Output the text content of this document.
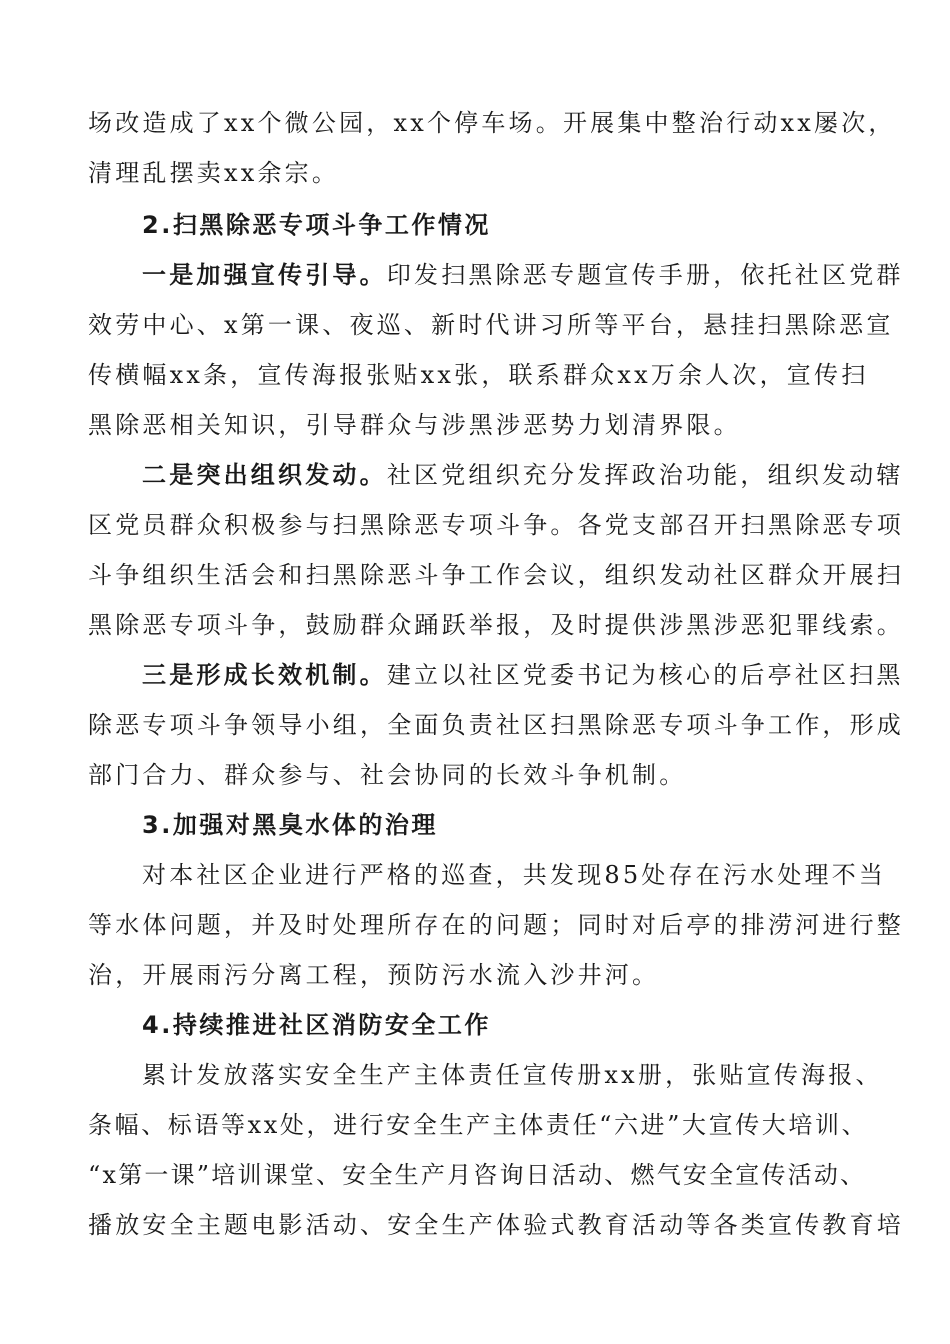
场改造成了xx个微公园，xx个停车场。开展集中整治行动xx屡次，
清理乱摆卖xx余宗。
2.扫黑除恶专项斗争工作情况
一是加强宣传引导。印发扫黑除恶专题宣传手册，依托社区党群
效劳中心、x第一课、夜巡、新时代讲习所等平台，悬挂扫黑除恶宣
传横幅xx条，宣传海报张贴xx张，联系群众xx万余人次，宣传扫
黑除恶相关知识，引导群众与涉黑涉恶势力划清界限。
二是突出组织发动。社区党组织充分发挥政治功能，组织发动辖
区党员群众积极参与扫黑除恶专项斗争。各党支部召开扫黑除恶专项
斗争组织生活会和扫黑除恶斗争工作会议，组织发动社区群众开展扫
黑除恶专项斗争，鼓励群众踊跃举报，及时提供涉黑涉恶犯罪线索。
三是形成长效机制。建立以社区党委书记为核心的后亭社区扫黑
除恶专项斗争领导小组，全面负责社区扫黑除恶专项斗争工作，形成
部门合力、群众参与、社会协同的长效斗争机制。
3.加强对黑臭水体的治理
对本社区企业进行严格的巡查，共发现85处存在污水处理不当
等水体问题，并及时处理所存在的问题；同时对后亭的排涝河进行整
治，开展雨污分离工程，预防污水流入沙井河。
4.持续推进社区消防安全工作
累计发放落实安全生产主体责任宣传册xx册，张贴宣传海报、
条幅、标语等xx处，进行安全生产主体责任“六进”大宣传大培训、
“x第一课”培训课堂、安全生产月咨询日活动、燃气安全宣传活动、
播放安全主题电影活动、安全生产体验式教育活动等各类宣传教育培
